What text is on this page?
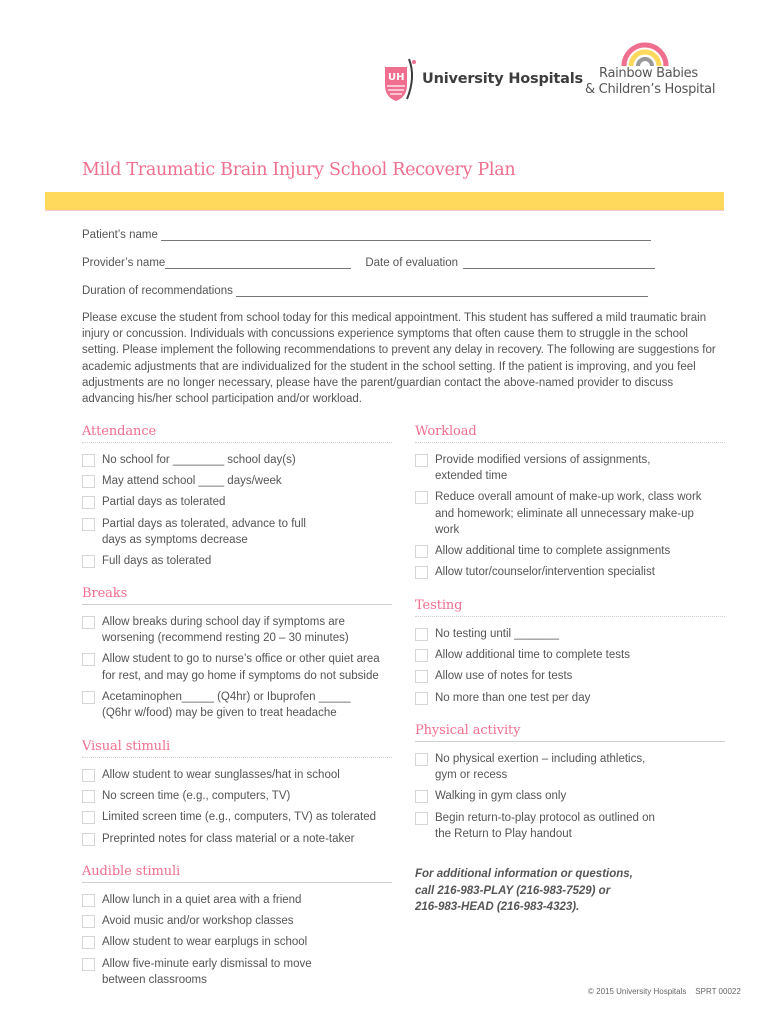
UH University Hospitals	Rainbow Babies
& Children’s Hospital
Mild Traumatic Brain Injury School Recovery Plan
Patient’s name
Provider’s name	Date of evaluation
Duration of recommendations
Please excuse the student from school today for this medical appointment. This student has suffered a mild traumatic brain injury or concussion. Individuals with concussions experience symptoms that often cause them to struggle in the school setting. Please implement the following recommendations to prevent any delay in recovery. The following are suggestions for academic adjustments that are individualized for the student in the school setting. If the patient is improving, and you feel adjustments are no longer necessary, please have the parent/guardian contact the above-named provider to discuss advancing his/her school participation and/or workload.
Attendance
No school for ________ school day(s)
May attend school ____ days/week
Partial days as tolerated
Partial days as tolerated, advance to full days as symptoms decrease
Full days as tolerated
Breaks
Allow breaks during school day if symptoms are worsening (recommend resting 20 – 30 minutes)
Allow student to go to nurse’s office or other quiet area for rest, and may go home if symptoms do not subside
Acetaminophen_____ (Q4hr) or Ibuprofen _____ (Q6hr w/food) may be given to treat headache
Visual stimuli
Allow student to wear sunglasses/hat in school
No screen time (e.g., computers, TV)
Limited screen time (e.g., computers, TV) as tolerated
Preprinted notes for class material or a note-taker
Audible stimuli
Allow lunch in a quiet area with a friend
Avoid music and/or workshop classes
Allow student to wear earplugs in school
Allow five-minute early dismissal to move between classrooms
Workload
Provide modified versions of assignments, extended time
Reduce overall amount of make-up work, class work and homework; eliminate all unnecessary make-up work
Allow additional time to complete assignments
Allow tutor/counselor/intervention specialist
Testing
No testing until _______
Allow additional time to complete tests
Allow use of notes for tests
No more than one test per day
Physical activity
No physical exertion – including athletics, gym or recess
Walking in gym class only
Begin return-to-play protocol as outlined on the Return to Play handout
For additional information or questions,
call 216-983-PLAY (216-983-7529) or
216-983-HEAD (216-983-4323).
© 2015 University Hospitals    SPRT 00022
